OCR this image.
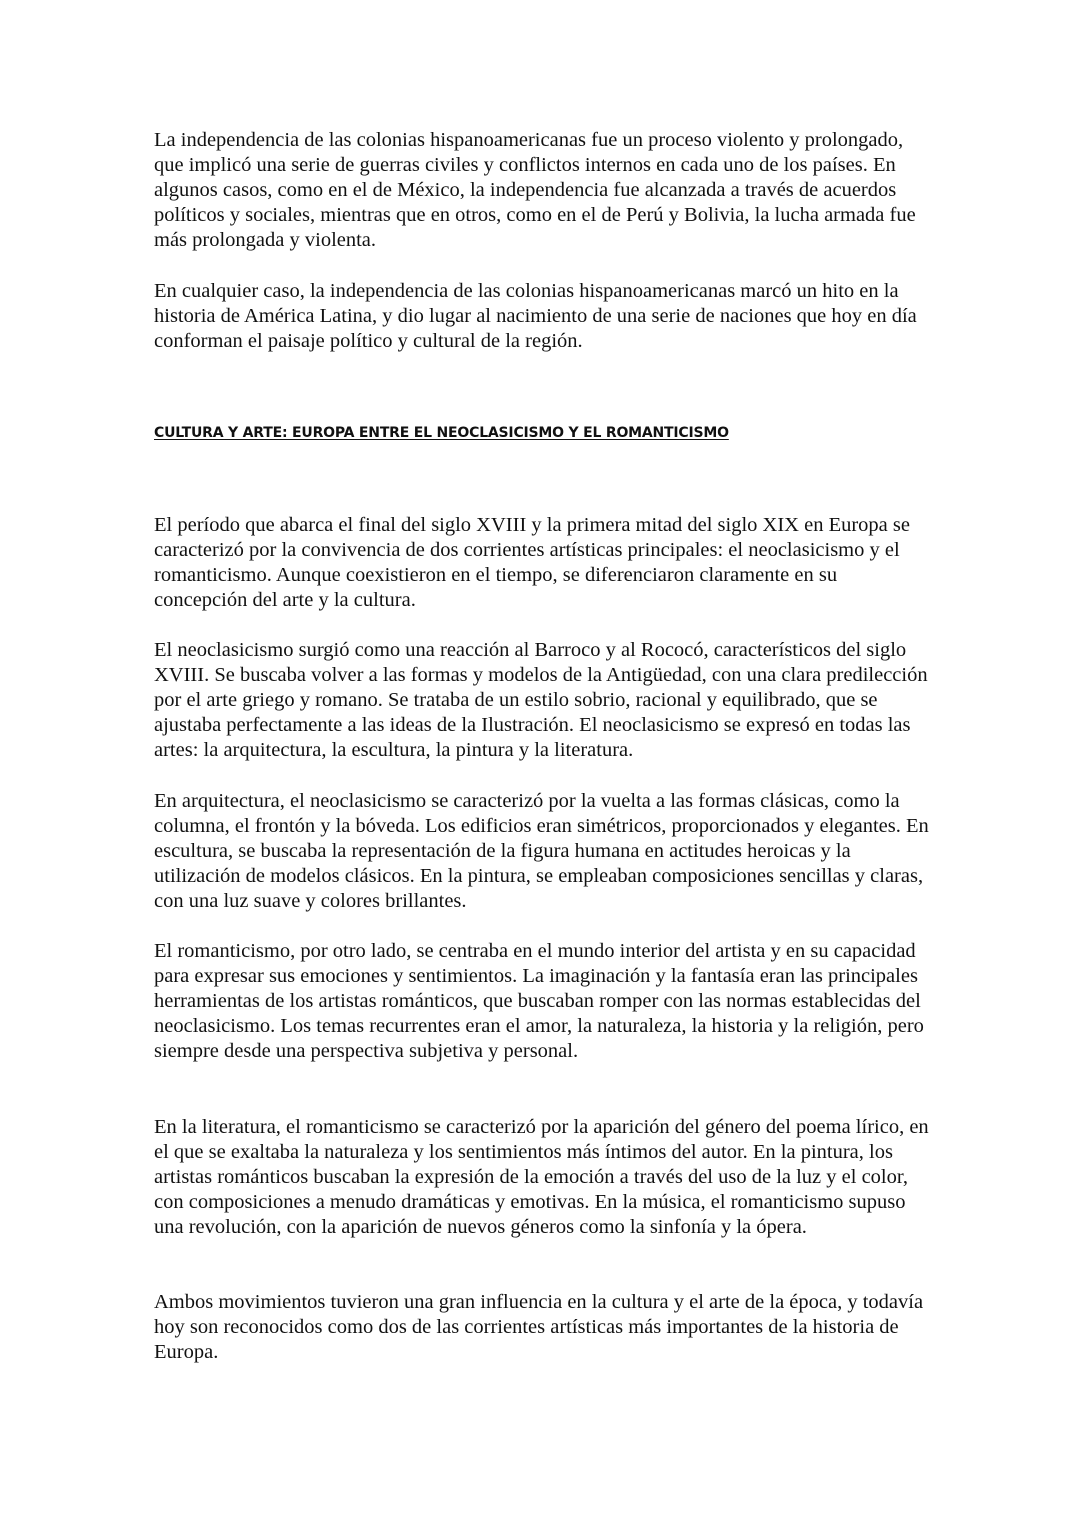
La independencia de las colonias hispanoamericanas fue un proceso violento y prolongado, que implicó una serie de guerras civiles y conflictos internos en cada uno de los países. En algunos casos, como en el de México, la independencia fue alcanzada a través de acuerdos políticos y sociales, mientras que en otros, como en el de Perú y Bolivia, la lucha armada fue más prolongada y violenta.

En cualquier caso, la independencia de las colonias hispanoamericanas marcó un hito en la historia de América Latina, y dio lugar al nacimiento de una serie de naciones que hoy en día conforman el paisaje político y cultural de la región.

CULTURA Y ARTE: EUROPA ENTRE EL NEOCLASICISMO Y EL ROMANTICISMO

El período que abarca el final del siglo XVIII y la primera mitad del siglo XIX en Europa se caracterizó por la convivencia de dos corrientes artísticas principales: el neoclasicismo y el romanticismo. Aunque coexistieron en el tiempo, se diferenciaron claramente en su concepción del arte y la cultura.

El neoclasicismo surgió como una reacción al Barroco y al Rococó, característicos del siglo XVIII. Se buscaba volver a las formas y modelos de la Antigüedad, con una clara predilección por el arte griego y romano. Se trataba de un estilo sobrio, racional y equilibrado, que se ajustaba perfectamente a las ideas de la Ilustración. El neoclasicismo se expresó en todas las artes: la arquitectura, la escultura, la pintura y la literatura.

En arquitectura, el neoclasicismo se caracterizó por la vuelta a las formas clásicas, como la columna, el frontón y la bóveda. Los edificios eran simétricos, proporcionados y elegantes. En escultura, se buscaba la representación de la figura humana en actitudes heroicas y la utilización de modelos clásicos. En la pintura, se empleaban composiciones sencillas y claras, con una luz suave y colores brillantes.

El romanticismo, por otro lado, se centraba en el mundo interior del artista y en su capacidad para expresar sus emociones y sentimientos. La imaginación y la fantasía eran las principales herramientas de los artistas románticos, que buscaban romper con las normas establecidas del neoclasicismo. Los temas recurrentes eran el amor, la naturaleza, la historia y la religión, pero siempre desde una perspectiva subjetiva y personal.

En la literatura, el romanticismo se caracterizó por la aparición del género del poema lírico, en el que se exaltaba la naturaleza y los sentimientos más íntimos del autor. En la pintura, los artistas románticos buscaban la expresión de la emoción a través del uso de la luz y el color, con composiciones a menudo dramáticas y emotivas. En la música, el romanticismo supuso una revolución, con la aparición de nuevos géneros como la sinfonía y la ópera.

Ambos movimientos tuvieron una gran influencia en la cultura y el arte de la época, y todavía hoy son reconocidos como dos de las corrientes artísticas más importantes de la historia de Europa.
